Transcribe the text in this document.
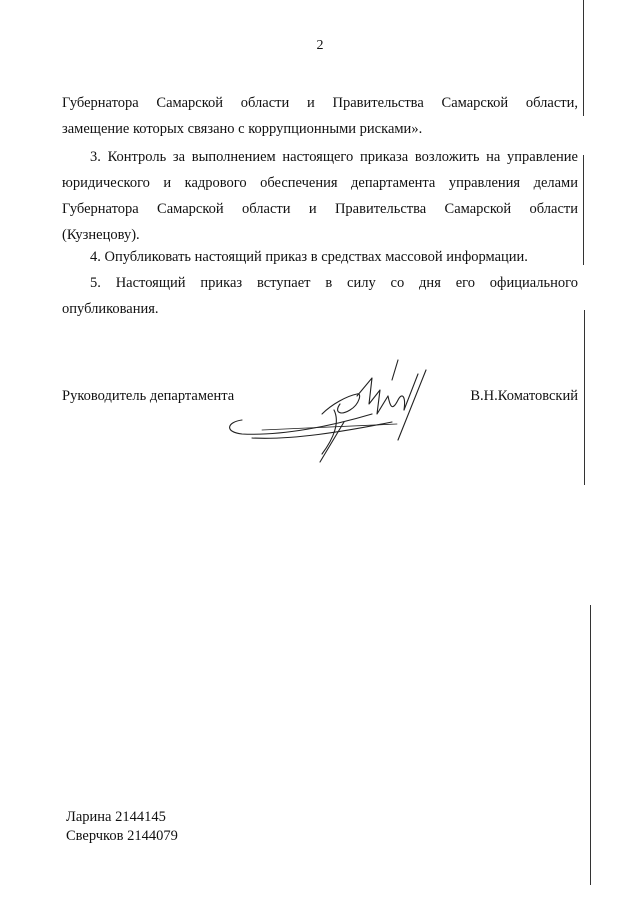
2
Губернатора Самарской области и Правительства Самарской области,
замещение которых связано с коррупционными рисками».
3. Контроль за выполнением настоящего приказа возложить на управление
юридического и кадрового обеспечения департамента управления делами
Губернатора Самарской области и Правительства Самарской области
(Кузнецову).
4. Опубликовать настоящий приказ в средствах массовой информации.
5. Настоящий приказ вступает в силу со дня его официального
опубликования.
Руководитель департамента	В.Н.Коматовский
Ларина 2144145
Сверчков 2144079
